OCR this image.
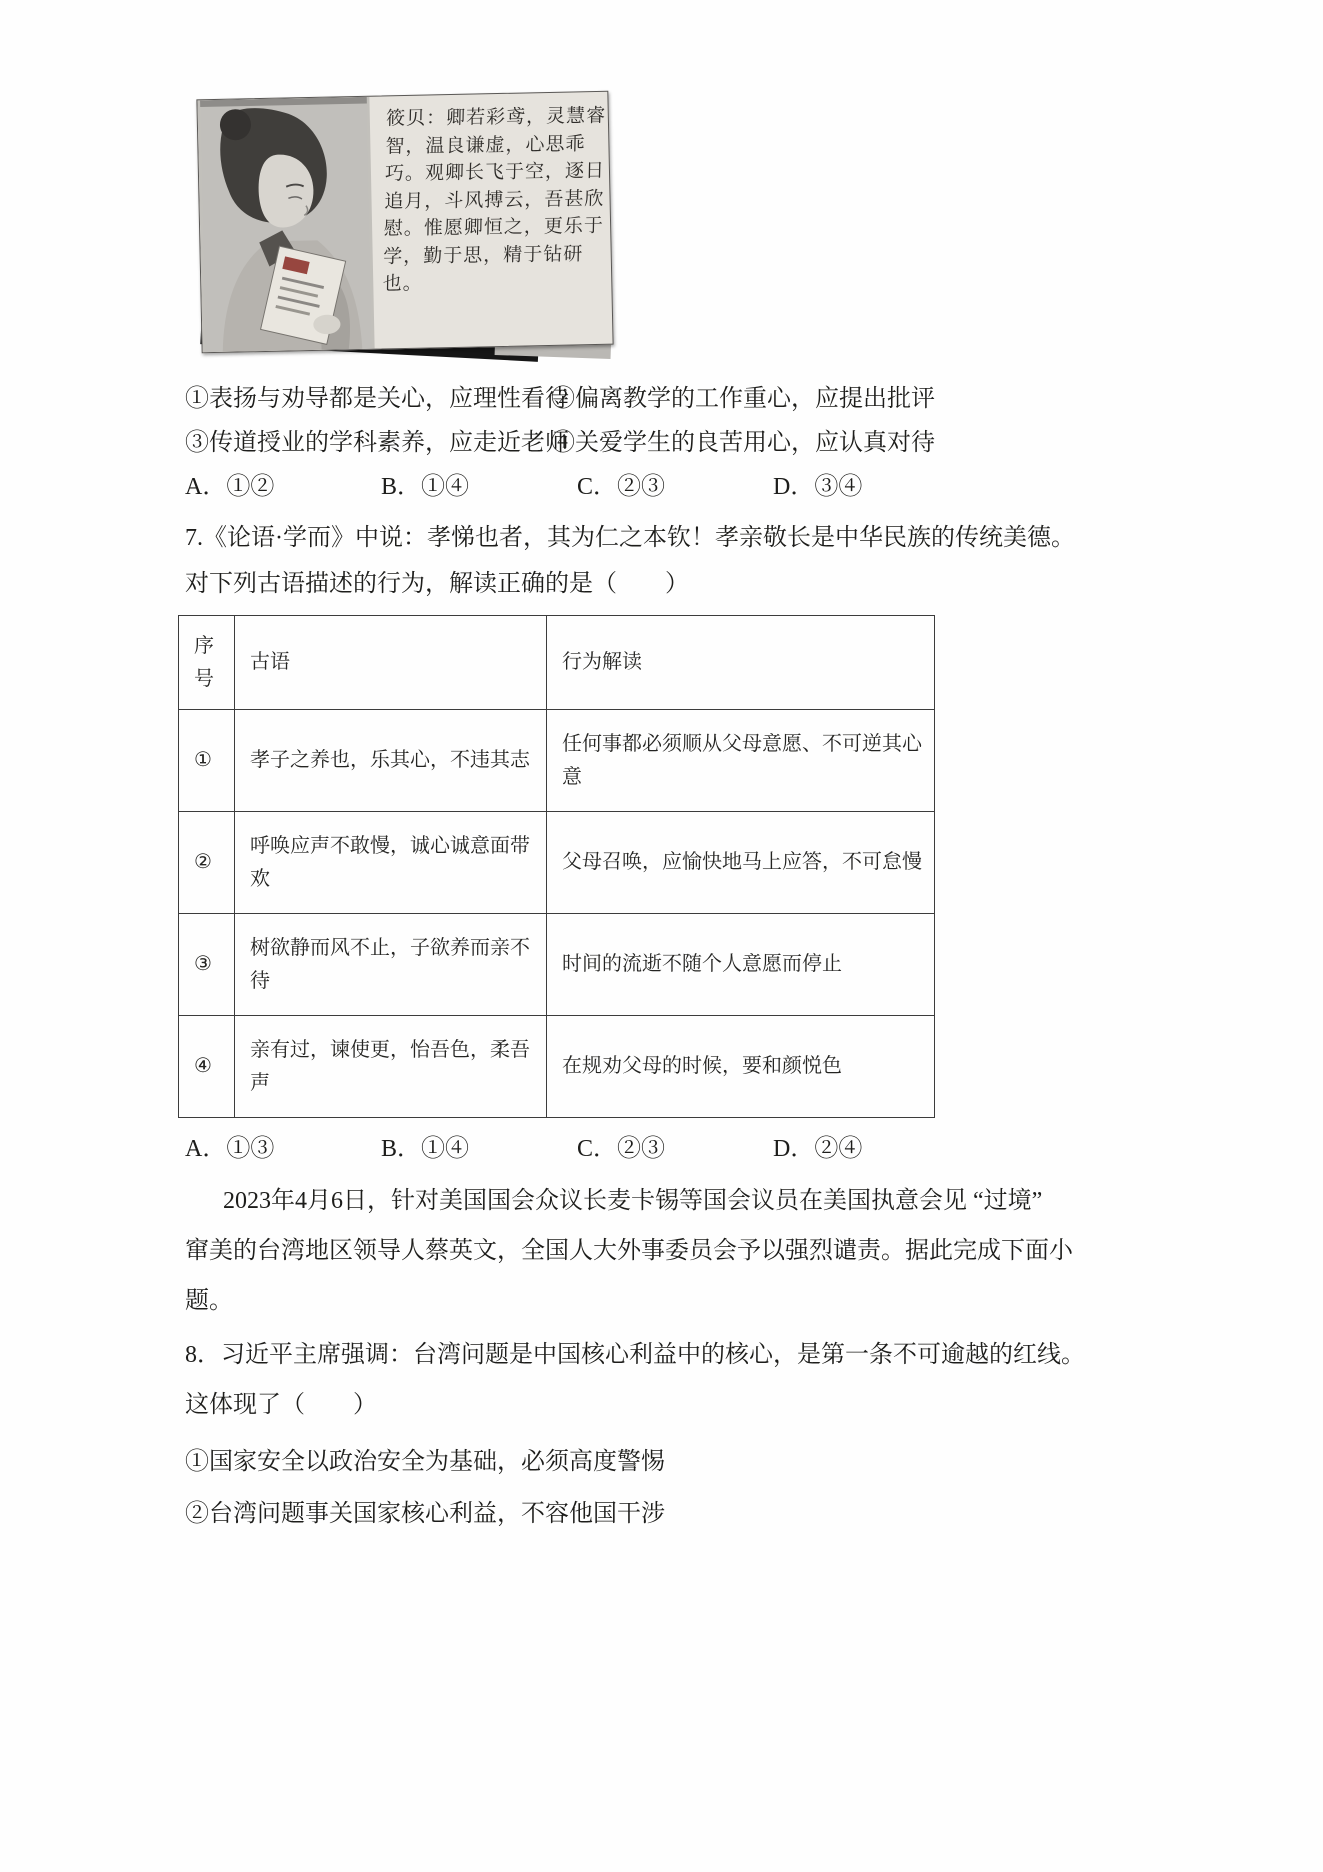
筱贝：卿若彩鸢，灵慧睿
智，温良谦虚，心思乖
巧。观卿长飞于空，逐日
追月，斗风搏云，吾甚欣
慰。惟愿卿恒之，更乐于
学，勤于思，精于钻研
也。
①表扬与劝导都是关心，应理性看待 ②偏离教学的工作重心，应提出批评
③传道授业的学科素养，应走近老师 ④关爱学生的良苦用心，应认真对待
A．①②	B．①④	C．②③	D．③④
7.《论语·学而》中说：孝悌也者，其为仁之本钦！孝亲敬长是中华民族的传统美德。
对下列古语描述的行为，解读正确的是（　　）
序号	古语	行为解读
①	孝子之养也，乐其心，不违其志	任何事都必须顺从父母意愿、不可逆其心意
②	呼唤应声不敢慢，诚心诚意面带欢	父母召唤，应愉快地马上应答，不可怠慢
③	树欲静而风不止，子欲养而亲不待	时间的流逝不随个人意愿而停止
④	亲有过，谏使更，怡吾色，柔吾声	在规劝父母的时候，要和颜悦色
A．①③	B．①④	C．②③	D．②④
2023年4月6日，针对美国国会众议长麦卡锡等国会议员在美国执意会见 “过境”
窜美的台湾地区领导人蔡英文，全国人大外事委员会予以强烈谴责。据此完成下面小
题。
8．习近平主席强调：台湾问题是中国核心利益中的核心，是第一条不可逾越的红线。
这体现了（　　）
①国家安全以政治安全为基础，必须高度警惕
②台湾问题事关国家核心利益，不容他国干涉
